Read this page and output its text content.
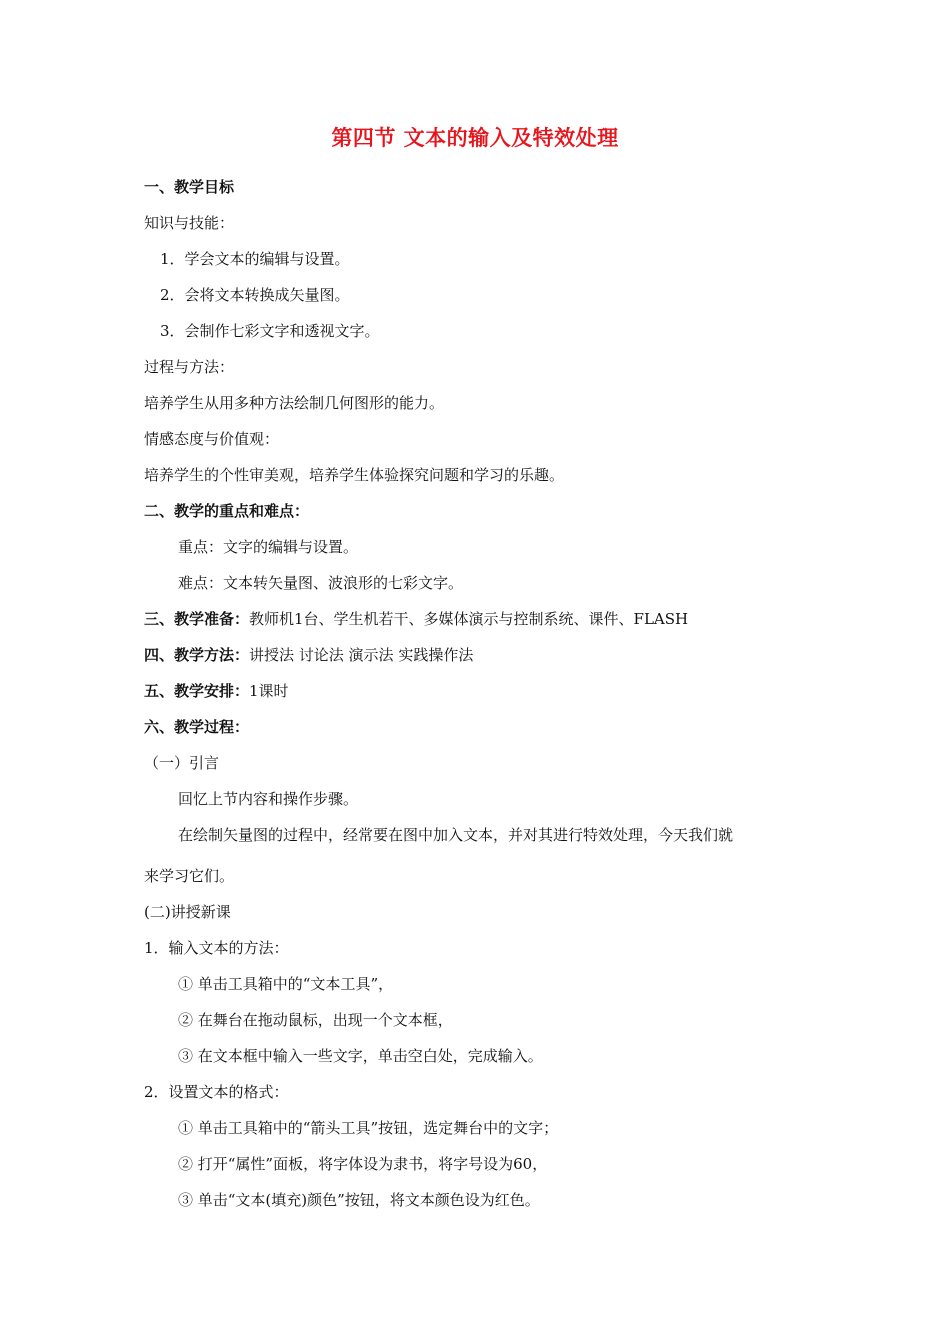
第四节 文本的输入及特效处理
一、教学目标
知识与技能：
1．学会文本的编辑与设置。
2．会将文本转换成矢量图。
3．会制作七彩文字和透视文字。
过程与方法：
培养学生从用多种方法绘制几何图形的能力。
情感态度与价值观：
培养学生的个性审美观，培养学生体验探究问题和学习的乐趣。
二、教学的重点和难点：
重点：文字的编辑与设置。
难点：文本转矢量图、波浪形的七彩文字。
三、教学准备：教师机1台、学生机若干、多媒体演示与控制系统、课件、FLASH
四、教学方法：讲授法 讨论法 演示法 实践操作法
五、教学安排：1课时
六、教学过程：
（一）引言
回忆上节内容和操作步骤。
在绘制矢量图的过程中，经常要在图中加入文本，并对其进行特效处理，今天我们就
来学习它们。
(二)讲授新课
1．输入文本的方法：
① 单击工具箱中的“文本工具”，
② 在舞台在拖动鼠标，出现一个文本框，
③ 在文本框中输入一些文字，单击空白处，完成输入。
2．设置文本的格式：
① 单击工具箱中的“箭头工具”按钮，选定舞台中的文字；
② 打开“属性”面板，将字体设为隶书，将字号设为60，
③ 单击“文本(填充)颜色”按钮，将文本颜色设为红色。
